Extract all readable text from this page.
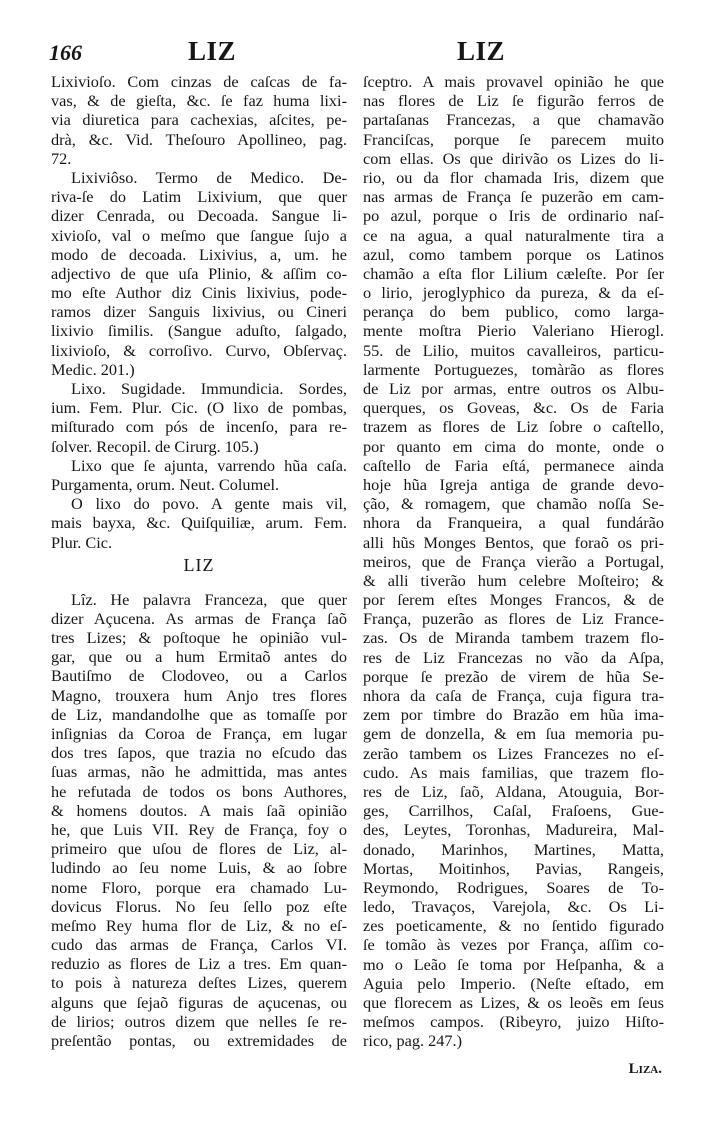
166	LIZ	LIZ
Lixivioſo. Com cinzas de caſcas de fa-
vas, & de gieſta, &c. ſe faz huma lixi-
via diuretica para cachexias, aſcites, pe-
drà, &c. Vid. Theſouro Apollineo, pag.
72.
Lixiviôso. Termo de Medico. De-
riva-ſe do Latim Lixivium, que quer
dizer Cenrada, ou Decoada. Sangue li-
xivioſo, val o meſmo que ſangue ſujo a
modo de decoada. Lixivius, a, um. he
adjectivo de que uſa Plinio, & aſſim co-
mo eſte Author diz Cinis lixivius, pode-
ramos dizer Sanguis lixivius, ou Cineri
lixivio ſimilis. (Sangue aduſto, ſalgado,
lixivioſo, & corroſivo. Curvo, Obſervaç.
Medic. 201.)
Lixo. Sugidade. Immundicia. Sordes,
ium. Fem. Plur. Cic. (O lixo de pombas,
miſturado com pós de incenſo, para re-
ſolver. Recopil. de Cirurg. 105.)
Lixo que ſe ajunta, varrendo hũa caſa.
Purgamenta, orum. Neut. Columel.
O lixo do povo. A gente mais vil,
mais bayxa, &c. Quiſquiliæ, arum. Fem.
Plur. Cic.
LIZ
Lîz. He palavra Franceza, que quer
dizer Açucena. As armas de França ſaõ
tres Lizes; & poſtoque he opinião vul-
gar, que ou a hum Ermitaõ antes do
Bautiſmo de Clodoveo, ou a Carlos
Magno, trouxera hum Anjo tres flores
de Liz, mandandolhe que as tomaſſe por
inſignias da Coroa de França, em lugar
dos tres ſapos, que trazia no eſcudo das
ſuas armas, não he admittida, mas antes
he refutada de todos os bons Authores,
& homens doutos. A mais ſaã opinião
he, que Luis VII. Rey de França, foy o
primeiro que uſou de flores de Liz, al-
ludindo ao ſeu nome Luis, & ao ſobre
nome Floro, porque era chamado Lu-
dovicus Florus. No ſeu ſello poz eſte
meſmo Rey huma flor de Liz, & no eſ-
cudo das armas de França, Carlos VI.
reduzio as flores de Liz a tres. Em quan-
to pois à natureza deſtes Lizes, querem
alguns que ſejaõ figuras de açucenas, ou
de lirios; outros dizem que nelles ſe re-
preſentão pontas, ou extremidades de
ſceptro. A mais provavel opinião he que
nas flores de Liz ſe figurão ferros de
partaſanas Francezas, a que chamavão
Franciſcas, porque ſe parecem muito
com ellas. Os que dirivão os Lizes do li-
rio, ou da flor chamada Iris, dizem que
nas armas de França ſe puzerão em cam-
po azul, porque o Iris de ordinario naſ-
ce na agua, a qual naturalmente tira a
azul, como tambem porque os Latinos
chamão a eſta flor Lilium cæleſte. Por ſer
o lirio, jeroglyphico da pureza, & da eſ-
perança do bem publico, como larga-
mente moſtra Pierio Valeriano Hierogl.
55. de Lilio, muitos cavalleiros, particu-
larmente Portuguezes, tomàrão as flores
de Liz por armas, entre outros os Albu-
querques, os Goveas, &c. Os de Faria
trazem as flores de Liz ſobre o caſtello,
por quanto em cima do monte, onde o
caſtello de Faria eſtá, permanece ainda
hoje hũa Igreja antiga de grande devo-
ção, & romagem, que chamão noſſa Se-
nhora da Franqueira, a qual fundárão
alli hũs Monges Bentos, que foraõ os pri-
meiros, que de França vierão a Portugal,
& alli tiverão hum celebre Moſteiro; &
por ſerem eſtes Monges Francos, & de
França, puzerão as flores de Liz France-
zas. Os de Miranda tambem trazem flo-
res de Liz Francezas no vão da Aſpa,
porque ſe prezão de virem de hũa Se-
nhora da caſa de França, cuja figura tra-
zem por timbre do Brazão em hũa ima-
gem de donzella, & em ſua memoria pu-
zerão tambem os Lizes Francezes no eſ-
cudo. As mais familias, que trazem flo-
res de Liz, ſaõ, Aldana, Atouguia, Bor-
ges, Carrilhos, Caſal, Fraſoens, Gue-
des, Leytes, Toronhas, Madureira, Mal-
donado, Marinhos, Martines, Matta,
Mortas, Moitinhos, Pavias, Rangeis,
Reymondo, Rodrigues, Soares de To-
ledo, Travaços, Varejola, &c. Os Li-
zes poeticamente, & no ſentido figurado
ſe tomão às vezes por França, aſſim co-
mo o Leão ſe toma por Heſpanha, & a
Aguia pelo Imperio. (Neſte eſtado, em
que florecem as Lizes, & os leoẽs em ſeus
meſmos campos. (Ribeyro, juizo Hiſto-
rico, pag. 247.)
Liza.
